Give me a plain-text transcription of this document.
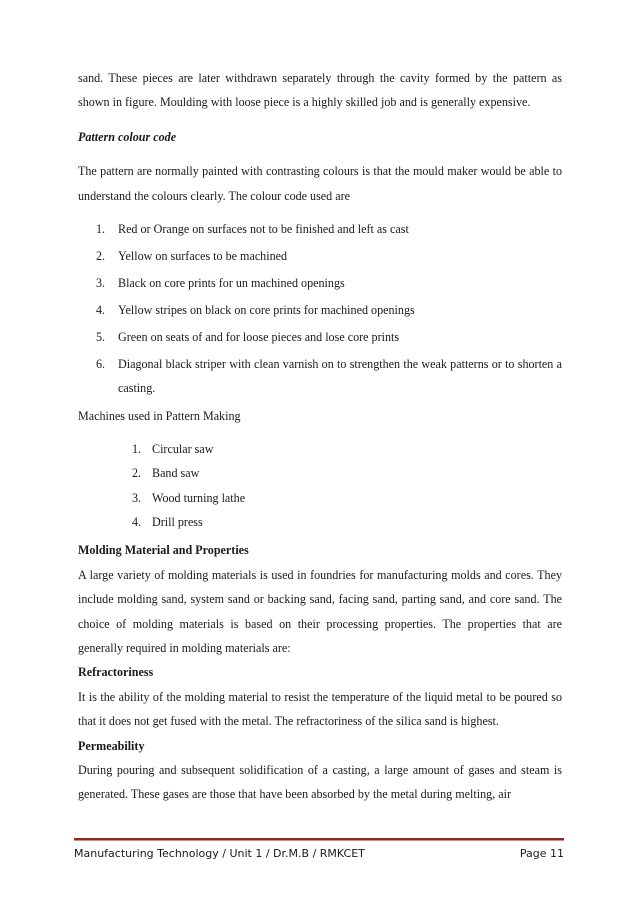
sand. These pieces are later withdrawn separately through the cavity formed by the pattern as shown in figure. Moulding with loose piece is a highly skilled job and is generally expensive.

Pattern colour code

The pattern are normally painted with contrasting colours is that the mould maker would be able to understand the colours clearly. The colour code used are

1.	Red or Orange on surfaces not to be finished and left as cast
2.	Yellow on surfaces to be machined
3.	Black on core prints for un machined openings
4.	Yellow stripes on black on core prints for machined openings
5.	Green on seats of and for loose pieces and lose core prints
6.	Diagonal black striper with clean varnish on to strengthen the weak patterns or to shorten a casting.

Machines used in Pattern Making

1. Circular saw
2. Band saw
3. Wood turning lathe
4. Drill press

Molding Material and Properties

A large variety of molding materials is used in foundries for manufacturing molds and cores. They include molding sand, system sand or backing sand, facing sand, parting sand, and core sand. The choice of molding materials is based on their processing properties. The properties that are generally required in molding materials are:

Refractoriness

It is the ability of the molding material to resist the temperature of the liquid metal to be poured so that it does not get fused with the metal. The refractoriness of the silica sand is highest.

Permeability

During pouring and subsequent solidification of a casting, a large amount of gases and steam is generated. These gases are those that have been absorbed by the metal during melting, air

Manufacturing Technology / Unit 1 / Dr.M.B / RMKCET	Page 11
